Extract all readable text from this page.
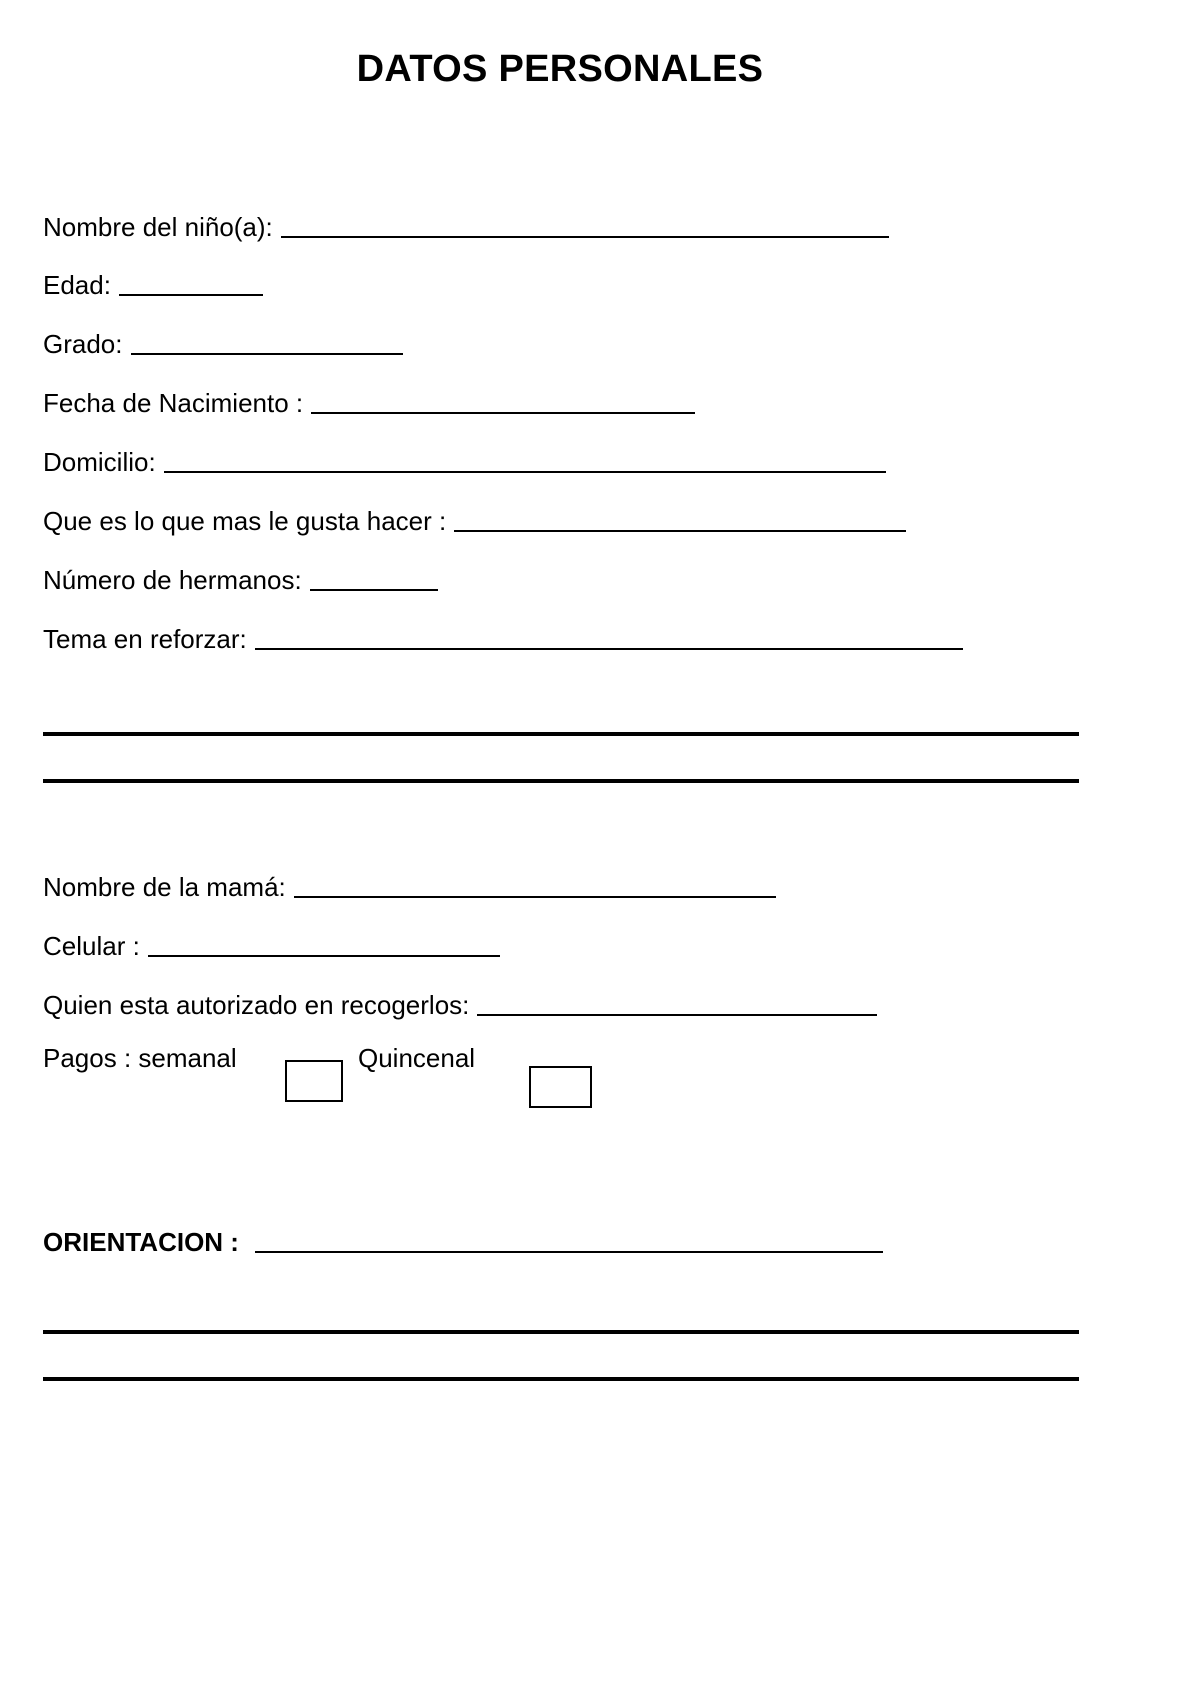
DATOS PERSONALES
Nombre del niño(a):
Edad:
Grado:
Fecha de Nacimiento :
Domicilio:
Que es lo que mas le gusta hacer :
Número de hermanos:
Tema en reforzar:
Nombre de la mamá:
Celular :
Quien esta autorizado en recogerlos:
Pagos : semanal	Quincenal
ORIENTACION :
